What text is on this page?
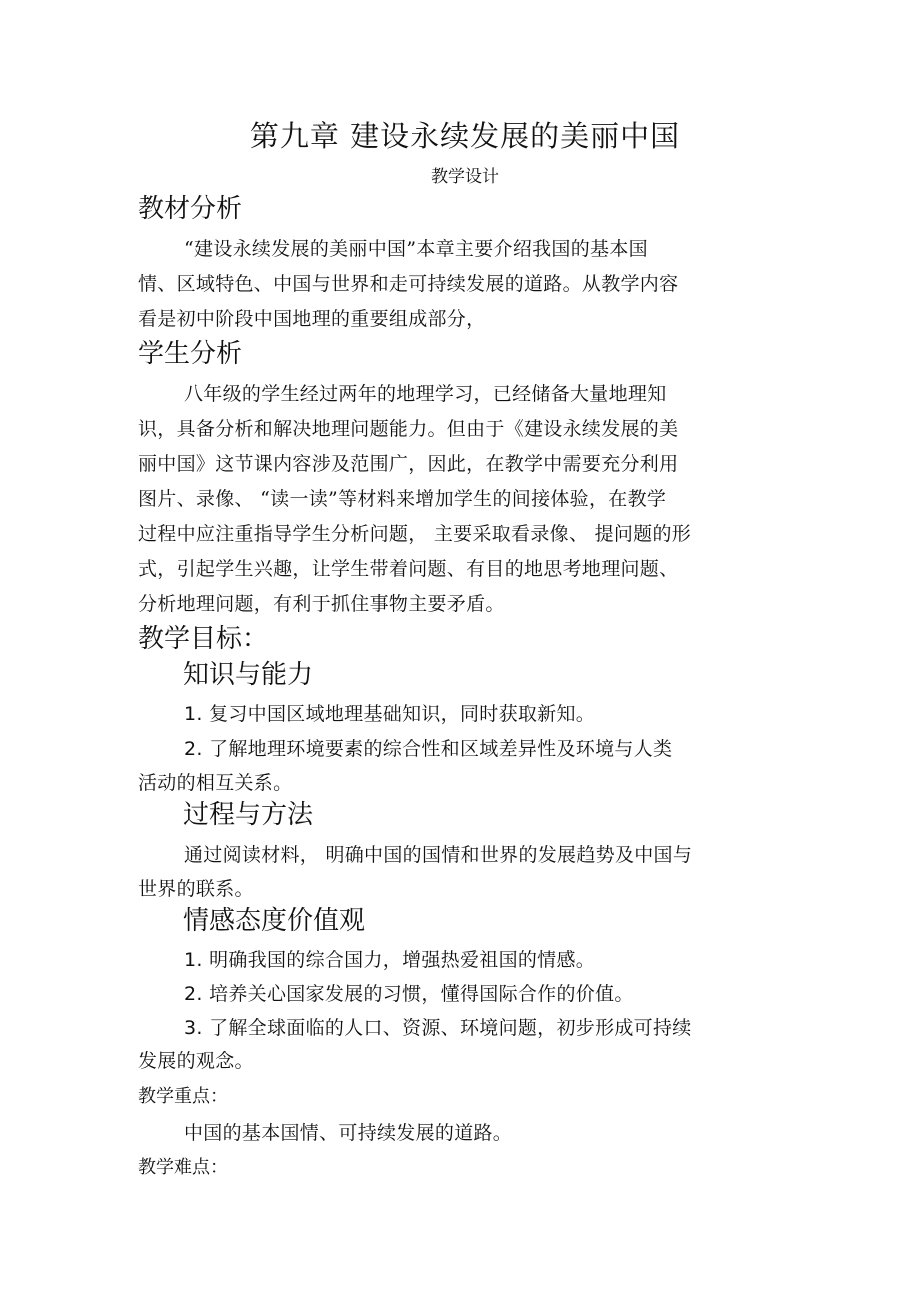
第九章 建设永续发展的美丽中国
教学设计
教材分析
“建设永续发展的美丽中国”本章主要介绍我国的基本国
情、区域特色、中国与世界和走可持续发展的道路。从教学内容
看是初中阶段中国地理的重要组成部分，
学生分析
八年级的学生经过两年的地理学习，已经储备大量地理知
识，具备分析和解决地理问题能力。但由于《建设永续发展的美
丽中国》这节课内容涉及范围广，因此，在教学中需要充分利用
图片、录像、 “读一读”等材料来增加学生的间接体验，在教学
过程中应注重指导学生分析问题， 主要采取看录像、 提问题的形
式，引起学生兴趣，让学生带着问题、有目的地思考地理问题、
分析地理问题，有利于抓住事物主要矛盾。
教学目标：
知识与能力
1. 复习中国区域地理基础知识，同时获取新知。
2. 了解地理环境要素的综合性和区域差异性及环境与人类
活动的相互关系。
过程与方法
通过阅读材料， 明确中国的国情和世界的发展趋势及中国与
世界的联系。
情感态度价值观
1. 明确我国的综合国力，增强热爱祖国的情感。
2. 培养关心国家发展的习惯，懂得国际合作的价值。
3. 了解全球面临的人口、资源、环境问题，初步形成可持续
发展的观念。
教学重点：
中国的基本国情、可持续发展的道路。
教学难点：
